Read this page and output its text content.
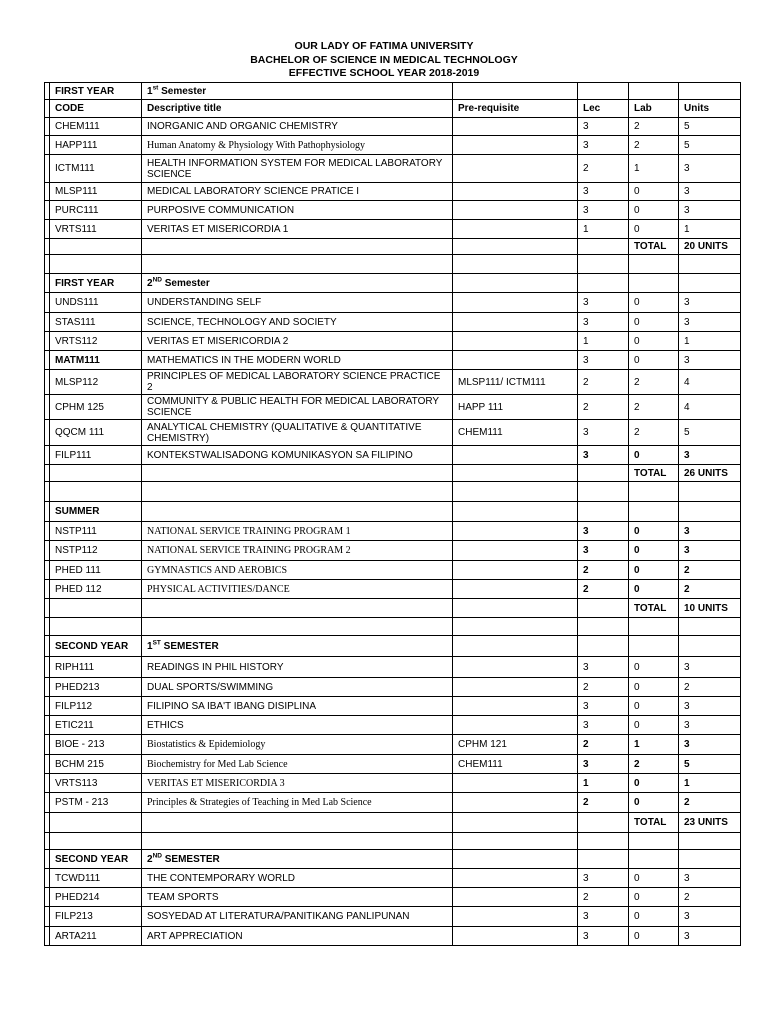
OUR LADY OF FATIMA UNIVERSITY
BACHELOR OF SCIENCE IN MEDICAL TECHNOLOGY
EFFECTIVE SCHOOL YEAR 2018-2019
	FIRST YEAR	1st Semester				
	CODE	Descriptive title	Pre-requisite	Lec	Lab	Units
	CHEM111	INORGANIC AND ORGANIC CHEMISTRY		3	2	5
	HAPP111	Human Anatomy & Physiology With Pathophysiology		3	2	5
	ICTM111	HEALTH INFORMATION SYSTEM FOR MEDICAL LABORATORY SCIENCE		2	1	3
	MLSP111	MEDICAL LABORATORY SCIENCE PRATICE I		3	0	3
	PURC111	PURPOSIVE COMMUNICATION		3	0	3
	VRTS111	VERITAS ET MISERICORDIA 1		1	0	1
					TOTAL	20 UNITS

	FIRST YEAR	2ND Semester				
	UNDS111	UNDERSTANDING SELF		3	0	3
	STAS111	SCIENCE, TECHNOLOGY AND SOCIETY		3	0	3
	VRTS112	VERITAS ET MISERICORDIA 2		1	0	1
	MATM111	MATHEMATICS IN THE MODERN WORLD		3	0	3
	MLSP112	PRINCIPLES OF MEDICAL LABORATORY SCIENCE PRACTICE 2	MLSP111/ ICTM111	2	2	4
	CPHM 125	COMMUNITY & PUBLIC HEALTH FOR MEDICAL LABORATORY SCIENCE	HAPP 111	2	2	4
	QQCM 111	ANALYTICAL CHEMISTRY (QUALITATIVE & QUANTITATIVE CHEMISTRY)	CHEM111	3	2	5
	FILP111	KONTEKSTWALISADONG KOMUNIKASYON SA FILIPINO		3	0	3
					TOTAL	26 UNITS

	SUMMER					
	NSTP111	NATIONAL SERVICE TRAINING PROGRAM 1		3	0	3
	NSTP112	NATIONAL SERVICE TRAINING PROGRAM 2		3	0	3
	PHED 111	GYMNASTICS AND AEROBICS		2	0	2
	PHED 112	PHYSICAL ACTIVITIES/DANCE		2	0	2
					TOTAL	10 UNITS

	SECOND YEAR	1ST SEMESTER				
	RIPH111	READINGS IN PHIL HISTORY		3	0	3
	PHED213	DUAL SPORTS/SWIMMING		2	0	2
	FILP112	FILIPINO SA IBA'T IBANG DISIPLINA		3	0	3
	ETIC211	ETHICS		3	0	3
	BIOE - 213	Biostatistics & Epidemiology	CPHM 121	2	1	3
	BCHM 215	Biochemistry for Med Lab Science	CHEM111	3	2	5
	VRTS113	VERITAS ET MISERICORDIA 3		1	0	1
	PSTM - 213	Principles & Strategies of Teaching in Med Lab Science		2	0	2
					TOTAL	23 UNITS

	SECOND YEAR	2ND SEMESTER				
	TCWD111	THE CONTEMPORARY WORLD		3	0	3
	PHED214	TEAM SPORTS		2	0	2
	FILP213	SOSYEDAD AT LITERATURA/PANITIKANG PANLIPUNAN		3	0	3
	ARTA211	ART APPRECIATION		3	0	3
